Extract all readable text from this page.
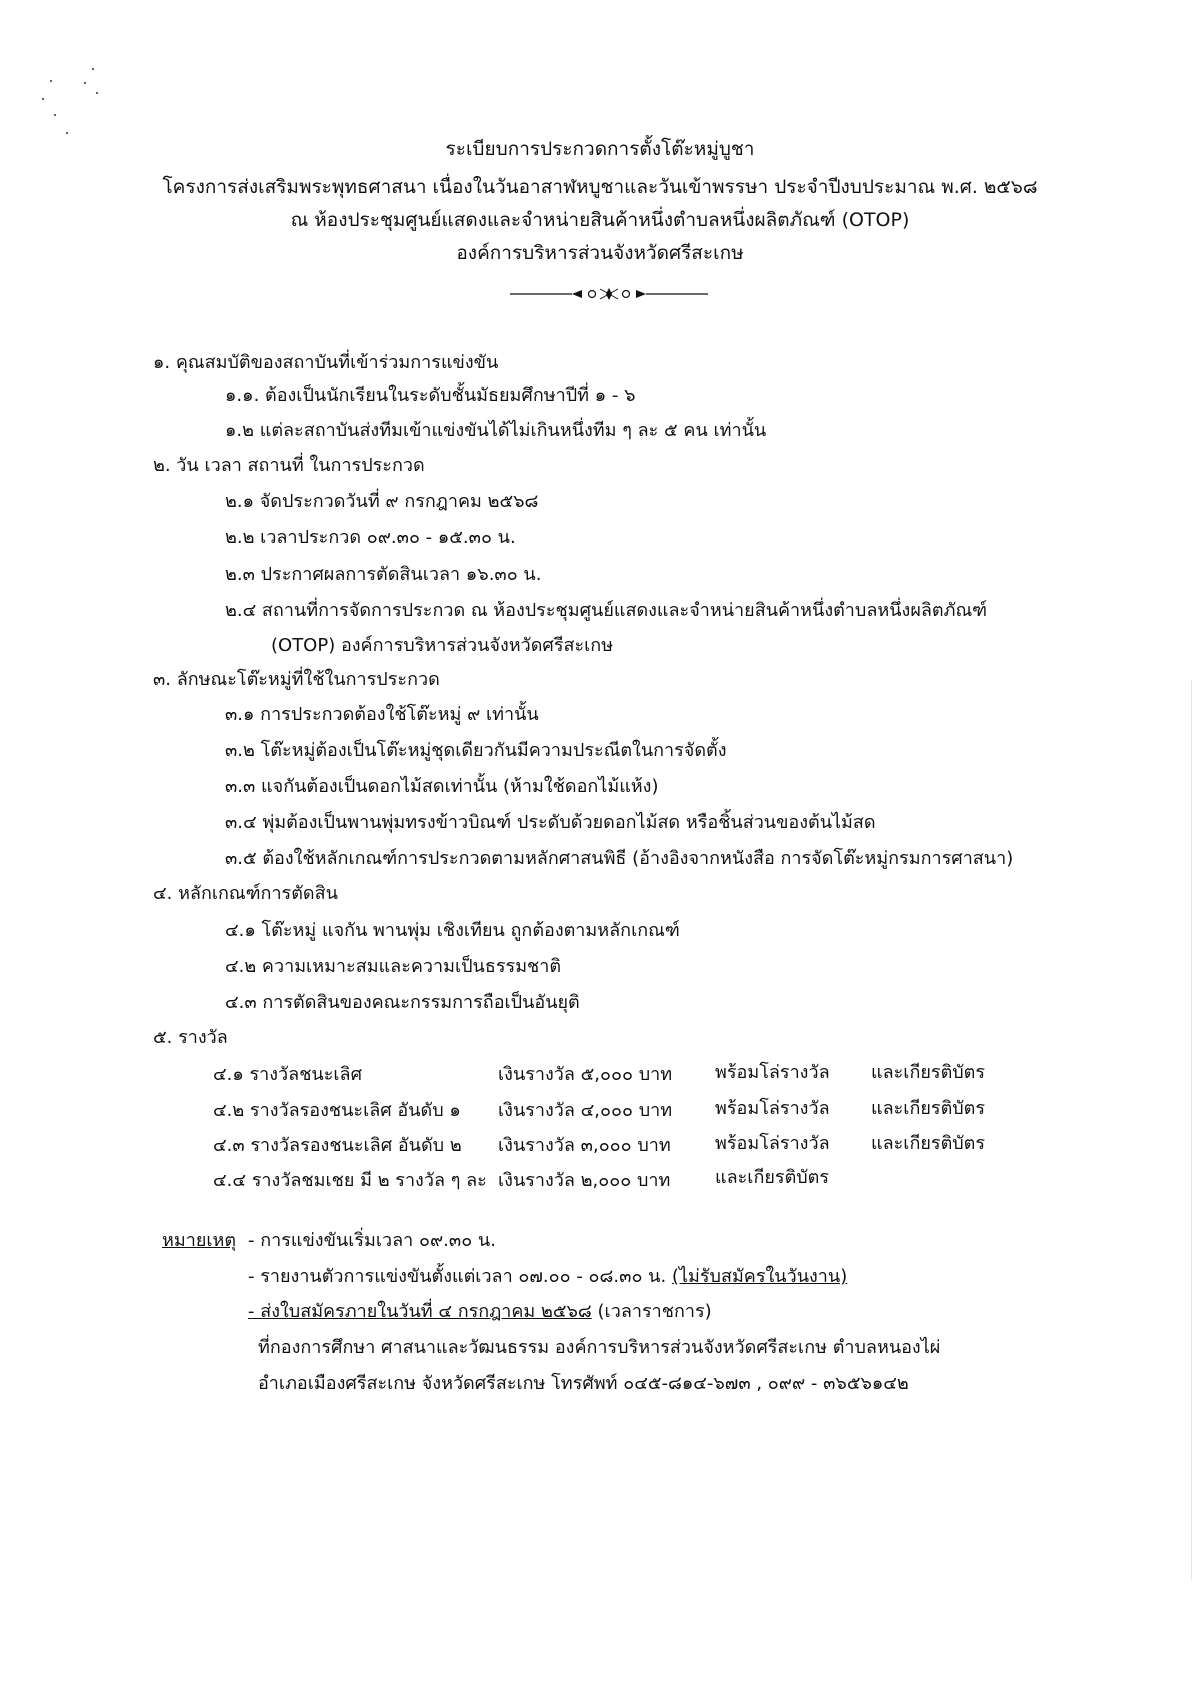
ระเบียบการประกวดการตั้งโต๊ะหมู่บูชา
โครงการส่งเสริมพระพุทธศาสนา เนื่องในวันอาสาฬหบูชาและวันเข้าพรรษา ประจำปีงบประมาณ พ.ศ. ๒๕๖๘
ณ ห้องประชุมศูนย์แสดงและจำหน่ายสินค้าหนึ่งตำบลหนึ่งผลิตภัณฑ์ (OTOP)
องค์การบริหารส่วนจังหวัดศรีสะเกษ
๑. คุณสมบัติของสถาบันที่เข้าร่วมการแข่งขัน
๑.๑. ต้องเป็นนักเรียนในระดับชั้นมัธยมศึกษาปีที่ ๑ - ๖
๑.๒ แต่ละสถาบันส่งทีมเข้าแข่งขันได้ไม่เกินหนึ่งทีม ๆ ละ ๕ คน เท่านั้น
๒. วัน เวลา สถานที่ ในการประกวด
๒.๑ จัดประกวดวันที่ ๙ กรกฎาคม ๒๕๖๘
๒.๒ เวลาประกวด ๐๙.๓๐ - ๑๕.๓๐ น.
๒.๓ ประกาศผลการตัดสินเวลา ๑๖.๓๐ น.
๒.๔ สถานที่การจัดการประกวด ณ ห้องประชุมศูนย์แสดงและจำหน่ายสินค้าหนึ่งตำบลหนึ่งผลิตภัณฑ์
(OTOP) องค์การบริหารส่วนจังหวัดศรีสะเกษ
๓. ลักษณะโต๊ะหมู่ที่ใช้ในการประกวด
๓.๑ การประกวดต้องใช้โต๊ะหมู่ ๙ เท่านั้น
๓.๒ โต๊ะหมู่ต้องเป็นโต๊ะหมู่ชุดเดียวกันมีความประณีตในการจัดตั้ง
๓.๓ แจกันต้องเป็นดอกไม้สดเท่านั้น (ห้ามใช้ดอกไม้แห้ง)
๓.๔ พุ่มต้องเป็นพานพุ่มทรงข้าวบิณฑ์ ประดับด้วยดอกไม้สด หรือชิ้นส่วนของต้นไม้สด
๓.๕ ต้องใช้หลักเกณฑ์การประกวดตามหลักศาสนพิธี (อ้างอิงจากหนังสือ การจัดโต๊ะหมู่กรมการศาสนา)
๔. หลักเกณฑ์การตัดสิน
๔.๑ โต๊ะหมู่ แจกัน พานพุ่ม เชิงเทียน ถูกต้องตามหลักเกณฑ์
๔.๒ ความเหมาะสมและความเป็นธรรมชาติ
๔.๓ การตัดสินของคณะกรรมการถือเป็นอันยุติ
๕. รางวัล
๔.๑ รางวัลชนะเลิศ	เงินรางวัล ๕,๐๐๐ บาท พร้อมโล่รางวัล และเกียรติบัตร
๔.๒ รางวัลรองชนะเลิศ อันดับ ๑ เงินรางวัล ๔,๐๐๐ บาท พร้อมโล่รางวัล และเกียรติบัตร
๔.๓ รางวัลรองชนะเลิศ อันดับ ๒ เงินรางวัล ๓,๐๐๐ บาท พร้อมโล่รางวัล และเกียรติบัตร
๔.๔ รางวัลชมเชย มี ๒ รางวัล ๆ ละ เงินรางวัล ๒,๐๐๐ บาท และเกียรติบัตร
หมายเหตุ - การแข่งขันเริ่มเวลา ๐๙.๓๐ น.
- รายงานตัวการแข่งขันตั้งแต่เวลา ๐๗.๐๐ - ๐๘.๓๐ น. (ไม่รับสมัครในวันงาน)
- ส่งใบสมัครภายในวันที่ ๔ กรกฎาคม ๒๕๖๘ (เวลาราชการ)
ที่กองการศึกษา ศาสนาและวัฒนธรรม องค์การบริหารส่วนจังหวัดศรีสะเกษ ตำบลหนองไผ่
อำเภอเมืองศรีสะเกษ จังหวัดศรีสะเกษ โทรศัพท์ ๐๔๕-๘๑๔-๖๗๓ , ๐๙๙ - ๓๖๕๖๑๔๒
